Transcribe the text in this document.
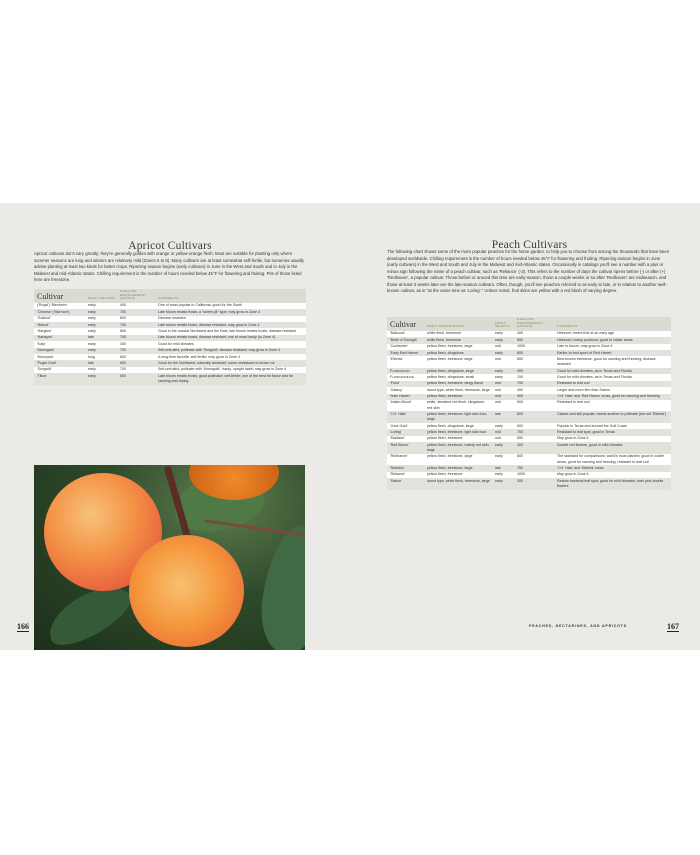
Apricot Cultivars

Apricot cultivars don't vary greatly; they're generally golden with orange or yellow-orange flesh. Most are suitable for planting only where summer seasons are long and winters are relatively mild (Zones 5 to 8). Many cultivars are at least somewhat self-fertile, but nurseries usually advise planting at least two kinds for better crops. Ripening season begins (early cultivars) in June in the West and South and in July in the Midwest and mid-Atlantic states. Chilling requirement is the number of hours needed below 45°F for flowering and fruiting. Pits of those listed here are freestone.

Cultivar	FRUIT SEASON	CHILLING REQUIREMENT (HOURS)	COMMENTS
('Royal') 'Blenheim'	early	400	One of most popular in California; good for the South
'Chinese' ('Mormon')	early	700	Late bloom resists frosts; a "sweet pit" type; may grow in Zone 4
'Goldcot'	early	800	Disease resistant
'Harcot'	early	700	Late bloom resists frosts; disease resistant; may grow in Zone 4
'Harglow'	early	800	Good in the coastal Northwest and the East; late bloom resists frosts; disease resistant
'Harlayne'	late	700	Late bloom resists frosts; disease resistant; one of most hardy (to Zone 4)
'Katy'	early	300	Good for mild climates
'Moongold'	early	700	Self-unfruitful; pollinate with 'Sungold'; disease resistant; may grow in Zone 4
'Moorpark'	long	600	A long-time favorite; self-fertile; may grow in Zone 4
'Puget Gold'	late	600	Good for the Northwest; naturally windswirl; some resistance to brown rot
'Sungold'	early	700	Self-unfruitful; pollinate with 'Moongold'; hardy, upright habit; may grow in Zone 4
'Tilton'	early	600	Late bloom resists frosts; good pollinator; self-fertile; one of the best for flavor and for canning and drying
166
Peach Cultivars

The following chart shows some of the more popular peaches for the home garden, to help you to choose from among the thousands that have been developed worldwide. Chilling requirement is the number of hours needed below 45°F for flowering and fruiting. Ripening season begins in June (early cultivars) in the West and South and July in the Midwest and mid-Atlantic states. Occasionally in catalogs you'll see a number with a plus or minus sign following the name of a peach cultivar, such as 'Reliance' (-3). This refers to the number of days the cultivar ripens before (-) or after (+) 'Redhaven', a popular cultivar. Those before or around this time are early-season, those a couple weeks or so after 'Redhaven' are midseason, and those at least 3 weeks later are the late-season cultivars. Often, though, you'll see peaches referred to as early to late, or in relation to another well-known cultivar, as in "at the same time as 'Loring'." Unless noted, fruit skins are yellow with a red blush of varying degree.

Cultivar	FRUIT DESCRIPTION	FRUIT SEASON	CHILLING REQUIREMENT (HOURS)	COMMENTS
'Babcock'	white flesh, freestone	early	400	Heirloom; bears fruit at an early age
'Belle of Georgia'	white flesh, freestone	early	850	Heirloom; heavy producer; good in colder areas
'Contender'	yellow flesh, freestone, large	mid	1000	Late to bloom; may grow in Zone 4
'Early Red Haven'	yellow flesh, clingstone	early	800	Earlier-to-fruit sport of 'Red Haven'
'Elberta'	yellow flesh, freestone, large	mid	850	Best-known freestone, good for canning and freezing; disease resistant
Flordaking	yellow flesh, clingstone, large	early	400	Good for mild climates, as in Texas and Florida
Flordaprince	yellow flesh, clingstone, small	early	150	Good for mild climates, as in Texas and Florida
'Frost'	yellow flesh, freestone; tangy flavor	mid	700	Resistant to leaf curl
'Galaxy'	donut type, white flesh, freestone, large	mid	450	Larger and more firm than Saturn
'Hale Haven'	yellow flesh, freestone	mid	900	'J.H. Hale' and 'Red Haven' cross, good for canning and freezing
'Indian Blood'	white, streaked red flesh, clingstone, red skin	mid	900	Resistant to leaf curl
'J.H. Hale'	yellow flesh, freestone, light skin fuzz, large	late	800	Classic and still popular, needs another to pollinate (but not 'Elberta')
'June Gold'	yellow flesh, clingstone, large	early	600	Popular in Texas and around the Gulf Coast
'Loring'	yellow flesh, freestone, light skin fuzz	mid	750	Resistant to leaf spot, good in Texas
'Madison'	yellow flesh, freestone	mid	850	May grow in Zone 4
'Red Baron'	yellow flesh, freestone, mainly red skin, large	early	300	Double red flowers, good in mild climates
'Redhaven'	yellow flesh, freestone, large	early	800	The standard for comparisons; world's most planted; good in colder areas, good for canning and freezing, resistant to leaf curl
'Redskin'	yellow flesh, freestone, large	late	750	'J.H. Hale' and 'Elberta' cross
'Reliance'	yellow flesh, freestone	early	1000	May grow in Zone 4
'Saturn'	donut type, white flesh, freestone, large	early	300	Resists bacterial leaf spot; good for mild climates; dark pink double flowers
PEACHES, NECTARINES, AND APRICOTS	167
